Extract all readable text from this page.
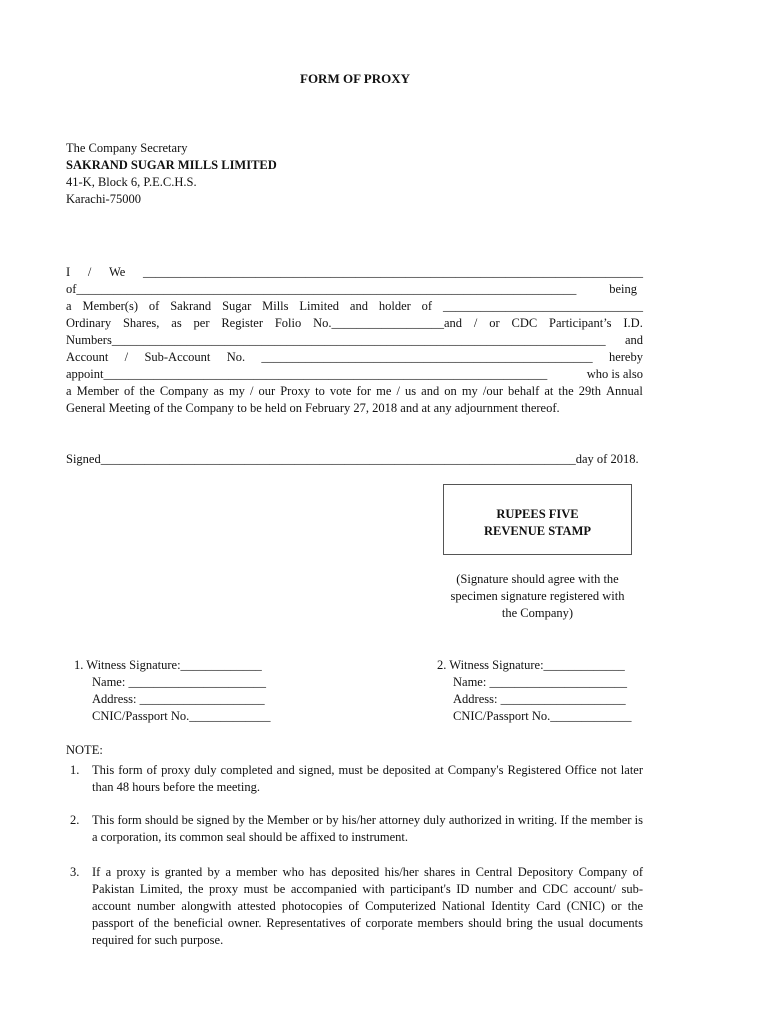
FORM OF PROXY
The Company Secretary
SAKRAND SUGAR MILLS LIMITED
41-K, Block 6, P.E.C.H.S.
Karachi-75000
I / We ________________________________________________________________________________
of________________________________________________________________________________	being
a Member(s) of Sakrand Sugar Mills Limited and holder of ________________________________
Ordinary Shares, as per Register Folio No.__________________and / or CDC Participant’s I.D.
Numbers_______________________________________________________________________________ and
Account / Sub-Account No. _____________________________________________________ hereby
appoint_______________________________________________________________________	who is also
a Member of the Company as my / our Proxy to vote for me / us and on my /our behalf at the 29th Annual
General Meeting of the Company to be held on February 27, 2018 and at any adjournment thereof.
Signed____________________________________________________________________________day of 2018.
RUPEES FIVE
REVENUE STAMP
(Signature should agree with the
specimen signature registered with
the Company)
1. Witness Signature:_____________
Name: ______________________
Address: ____________________
CNIC/Passport No._____________
2. Witness Signature:_____________
Name: ______________________
Address: ____________________
CNIC/Passport No._____________
NOTE:
1. This form of proxy duly completed and signed, must be deposited at Company's Registered Office not later than 48 hours before the meeting.
2. This form should be signed by the Member or by his/her attorney duly authorized in writing. If the member is a corporation, its common seal should be affixed to instrument.
3. If a proxy is granted by a member who has deposited his/her shares in Central Depository Company of Pakistan Limited, the proxy must be accompanied with participant's ID number and CDC account/ sub-account number alongwith attested photocopies of Computerized National Identity Card (CNIC) or the passport of the beneficial owner. Representatives of corporate members should bring the usual documents required for such purpose.
